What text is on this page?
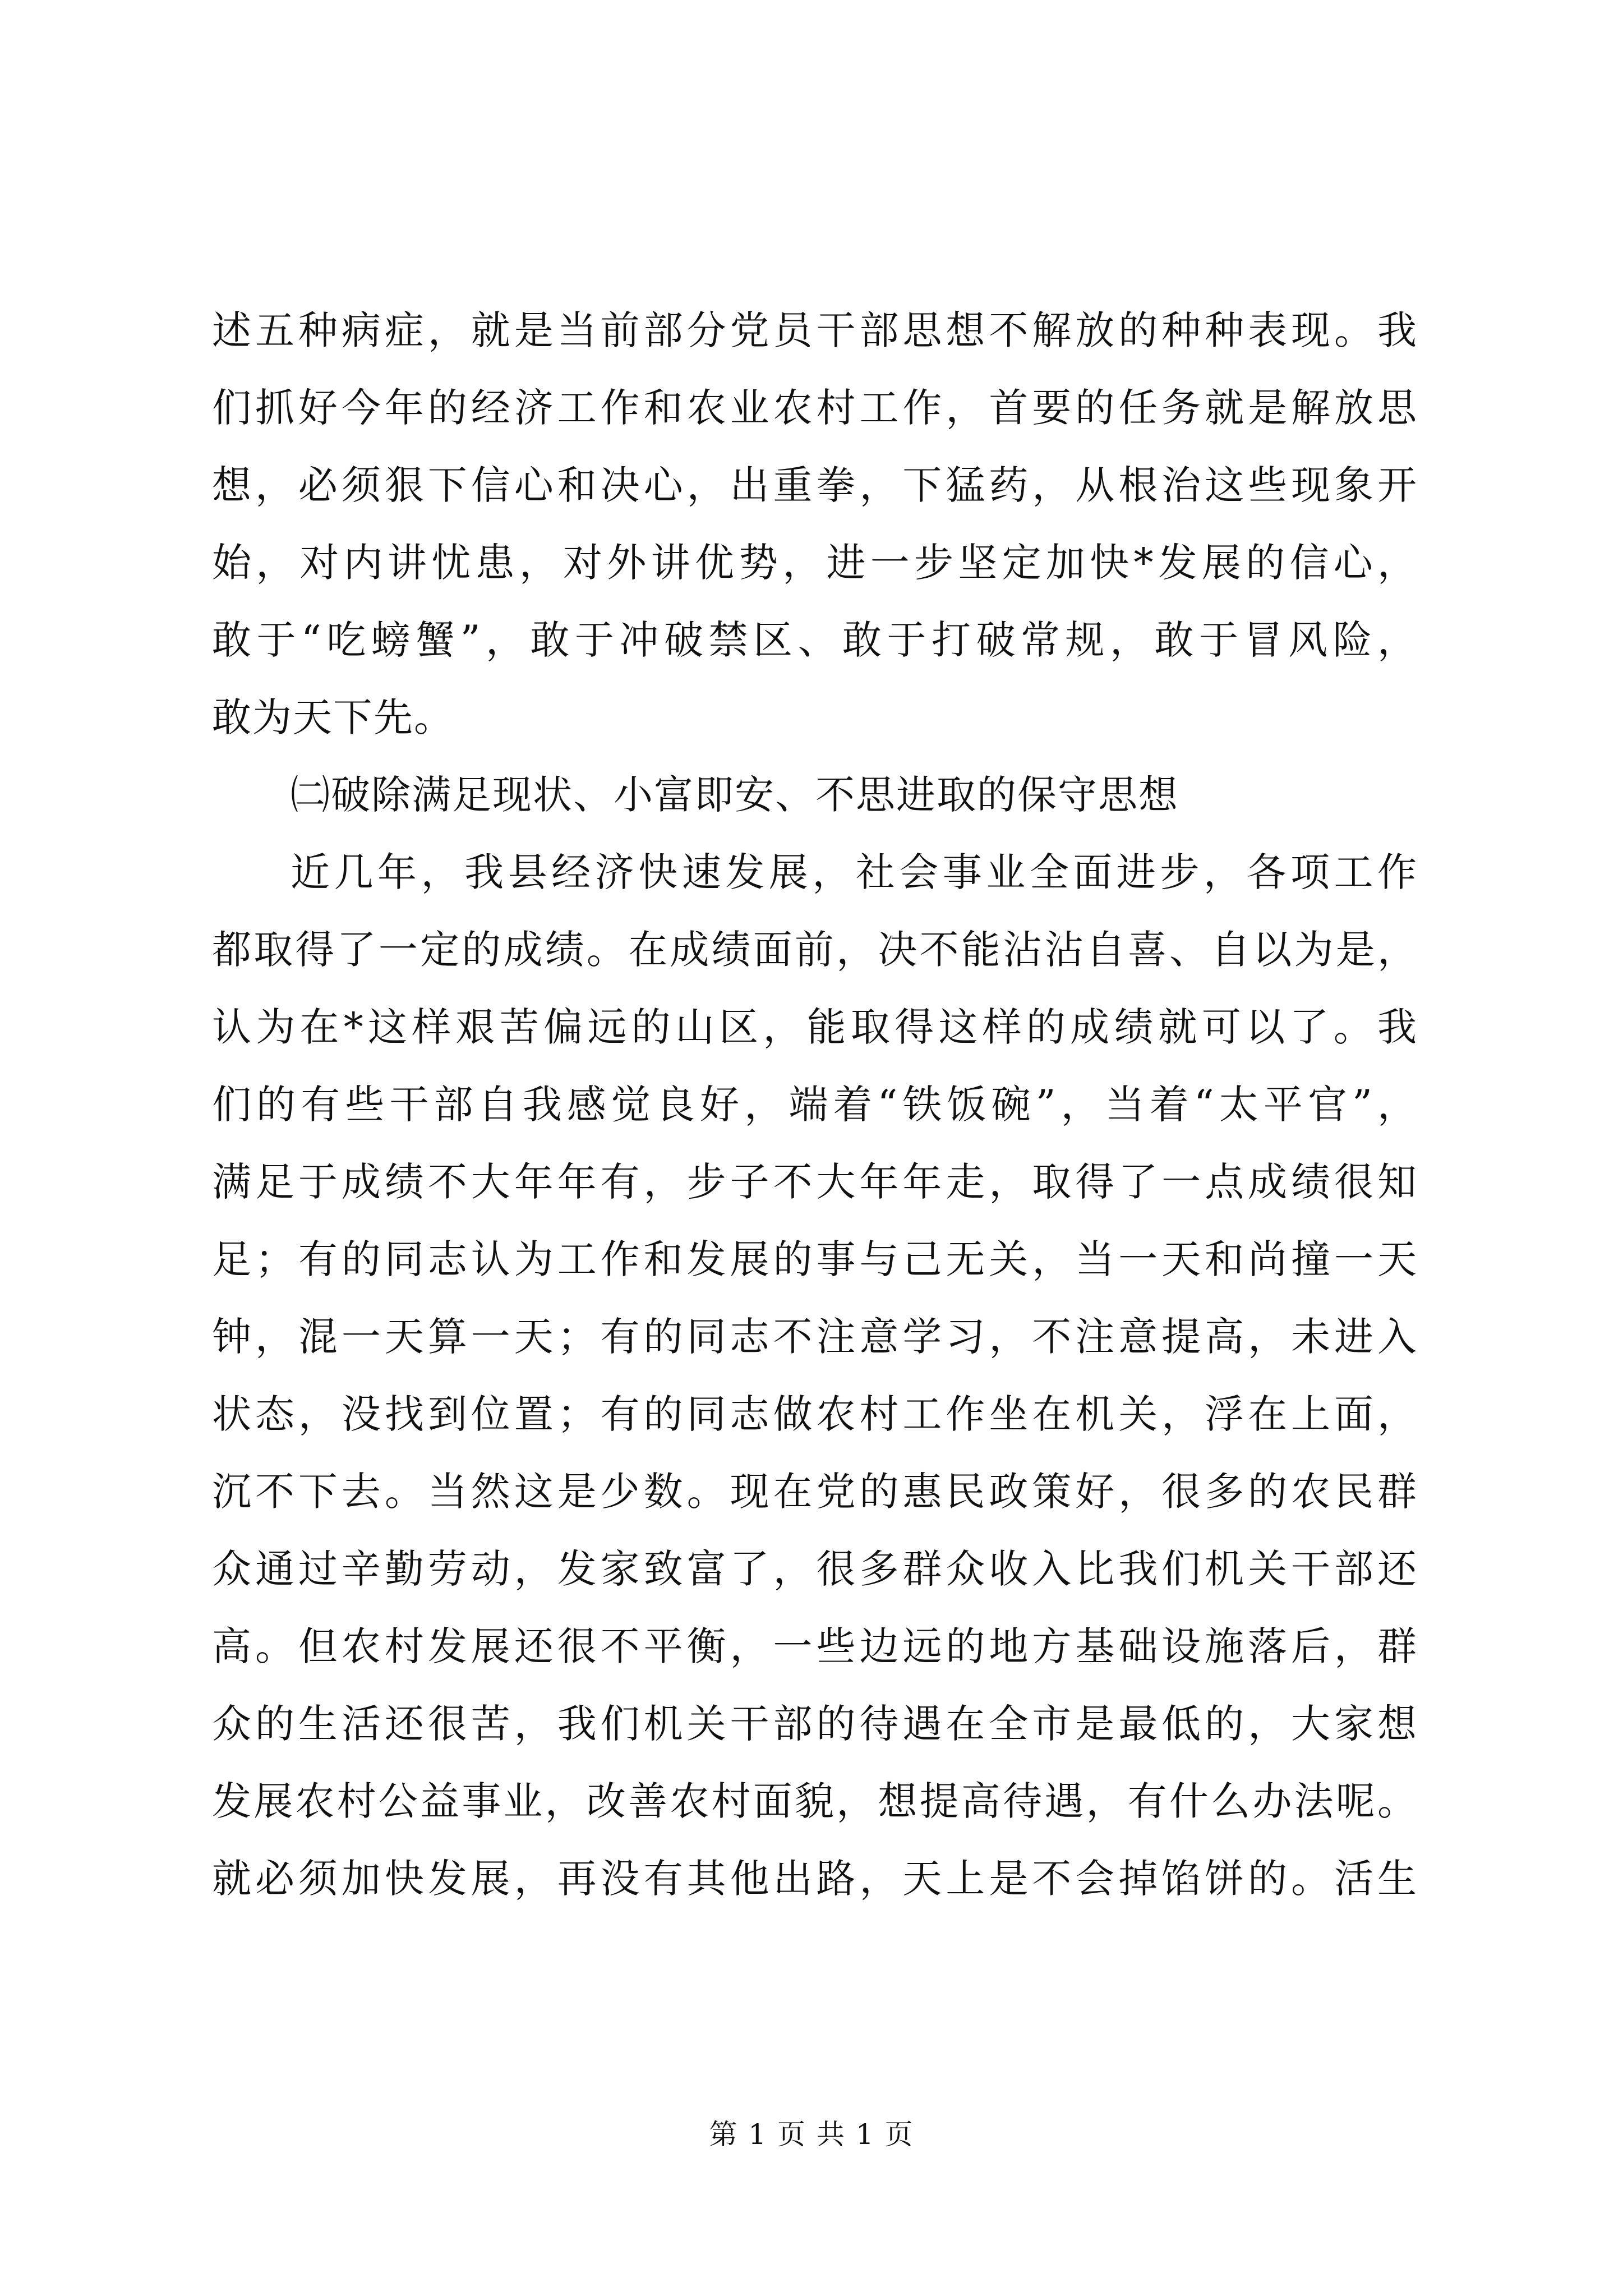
述五种病症，就是当前部分党员干部思想不解放的种种表现。我
们抓好今年的经济工作和农业农村工作，首要的任务就是解放思
想，必须狠下信心和决心，出重拳，下猛药，从根治这些现象开
始，对内讲忧患，对外讲优势，进一步坚定加快*发展的信心，
敢于“吃螃蟹”，敢于冲破禁区、敢于打破常规，敢于冒风险，
敢为天下先。
㈡破除满足现状、小富即安、不思进取的保守思想
近几年，我县经济快速发展，社会事业全面进步，各项工作
都取得了一定的成绩。在成绩面前，决不能沾沾自喜、自以为是，
认为在*这样艰苦偏远的山区，能取得这样的成绩就可以了。我
们的有些干部自我感觉良好，端着“铁饭碗”，当着“太平官”，
满足于成绩不大年年有，步子不大年年走，取得了一点成绩很知
足；有的同志认为工作和发展的事与己无关，当一天和尚撞一天
钟，混一天算一天；有的同志不注意学习，不注意提高，未进入
状态，没找到位置；有的同志做农村工作坐在机关，浮在上面，
沉不下去。当然这是少数。现在党的惠民政策好，很多的农民群
众通过辛勤劳动，发家致富了，很多群众收入比我们机关干部还
高。但农村发展还很不平衡，一些边远的地方基础设施落后，群
众的生活还很苦，我们机关干部的待遇在全市是最低的，大家想
发展农村公益事业，改善农村面貌，想提高待遇，有什么办法呢。
就必须加快发展，再没有其他出路，天上是不会掉馅饼的。活生
第 1 页 共 1 页
